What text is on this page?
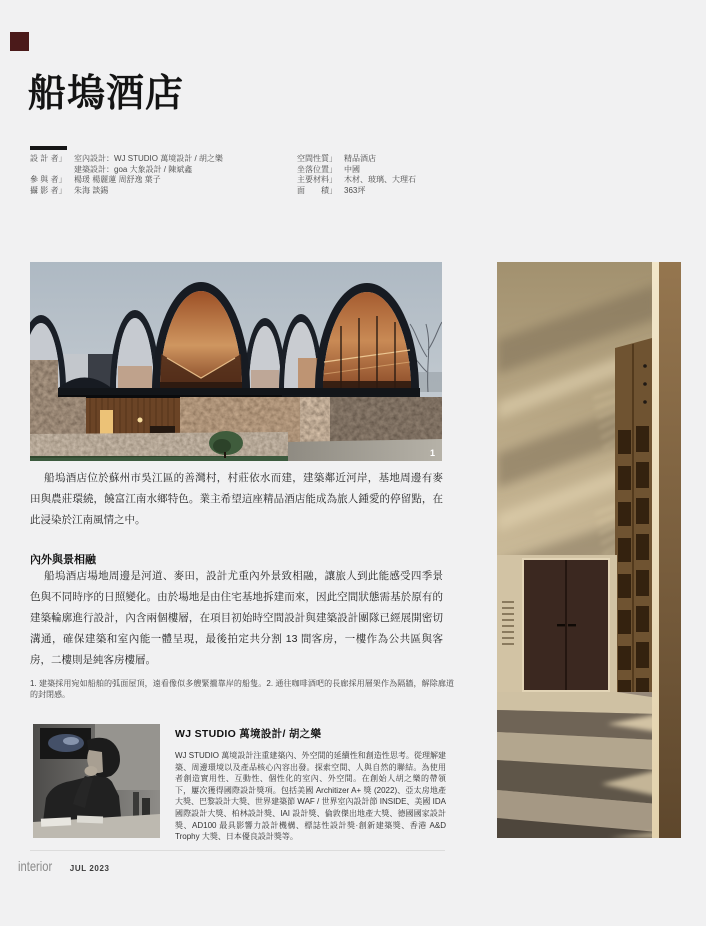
船塢酒店
設 計 者」 室內設計：WJ STUDIO 萬境設計 / 胡之樂
建築設計：goa 大象設計 / 陳斌鑫
參 與 者」 楊瑗 楊麗蓮 周舒逸 葉子
攝 影 者」 朱海 談錫
空間性質」 精品酒店
坐落位置」 中國
主要材料」 木材、玻璃、大理石
面　　積」 363坪
1

船塢酒店位於蘇州市吳江區的善灣村，村莊依水而建，建築鄰近河岸，基地周邊有麥田與農莊環繞，饒富江南水鄉特色。業主希望這座精品酒店能成為旅人鍾愛的停留點，在此浸染於江南風情之中。

內外與景相融

船塢酒店場地周邊是河道、麥田，設計尤重內外景致相融，讓旅人到此能感受四季景色與不同時序的日照變化。由於場地是由住宅基地拆建而來，因此空間狀態需基於原有的建築輪廓進行設計，內含兩個樓層，在項目初始時空間設計與建築設計團隊已經展開密切溝通，確保建築和室內能一體呈現，最後拍定共分割 13 間客房，一樓作為公共區與客房，二樓則是純客房樓層。

1. 建築採用宛如船舶的弧面屋頂，遠看像似多艘緊攏靠岸的船隻。2. 通往咖啡酒吧的長廊採用層架作為隔牆，解除廊道的封閉感。

WJ STUDIO 萬境設計/ 胡之樂

WJ STUDIO 萬境設計注重建築內、外空間的延續性和創造性思考。從理解建築、周邊環境以及產品核心內容出發。探索空間、人與自然的聯結。為使用者創造實用性、互動性、個性化的室內、外空間。在創始人胡之樂的帶領下，屢次獲得國際設計獎項。包括美國 Architizer A+ 獎 (2022)、亞太房地產大獎、巴黎設計大獎、世界建築節 WAF / 世界室內設計節 INSIDE、美國 IDA 國際設計大獎、柏林設計獎、IAI 設計獎、倫敦傑出地產大獎、德國國家設計獎、AD100 最具影響力設計機構、標誌性設計獎·創新建築獎、香港 A&D Trophy 大獎、日本優良設計獎等。

interior JUL 2023
